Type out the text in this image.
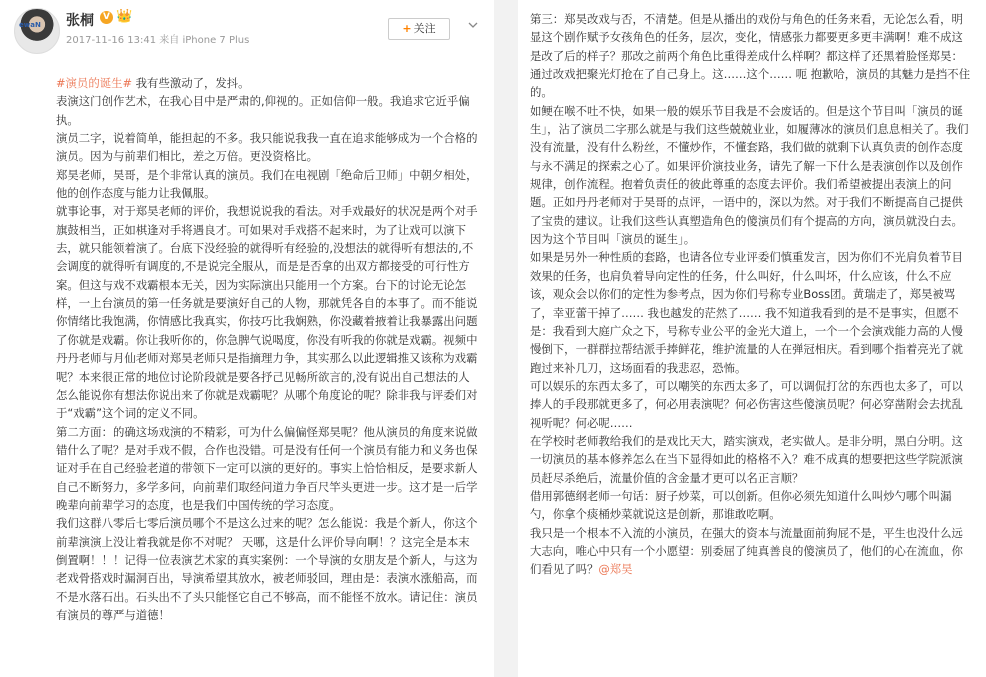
ewaN 张桐	V 👑
2017-11-16 13:41 来自 iPhone 7 Plus
+ 关注
#演员的诞生# 我有些激动了，发抖。

表演这门创作艺术，在我心目中是严肃的,仰视的。正如信仰一般。我追求它近乎偏执。

演员二字，说着简单，能担起的不多。我只能说我我一直在追求能够成为一个合格的演员。因为与前辈们相比，差之万倍。更没资格比。

郑昊老师，昊哥，是个非常认真的演员。我们在电视剧「绝命后卫师」中朝夕相处，他的创作态度与能力让我佩服。

就事论事，对于郑昊老师的评价，我想说说我的看法。对手戏最好的状况是两个对手旗鼓相当，正如棋逢对手将遇良才。可如果对手戏搭不起来时，为了让戏可以演下去，就只能领着演了。台底下没经验的就得听有经验的,没想法的就得听有想法的,不会调度的就得听有调度的,不是说完全服从，而是是否拿的出双方都接受的可行性方案。但这与戏不戏霸根本无关，因为实际演出只能用一个方案。台下的讨论无论怎样，一上台演员的第一任务就是要演好自己的人物，那就凭各自的本事了。而不能说你情绪比我饱满，你情感比我真实，你技巧比我娴熟，你没藏着掖着让我暴露出问题了你就是戏霸。你让我听你的，你急脾气说喝度，你没有听我的你就是戏霸。视频中丹丹老师与月仙老师对郑昊老师只是指摘理力争，其实那么以此逻辑推又该称为戏霸呢？本来很正常的地位讨论阶段就是要各抒己见畅所欲言的,没有说出自己想法的人怎么能说你有想法你说出来了你就是戏霸呢？从哪个角度论的呢？除非我与评委们对于“戏霸”这个词的定义不同。

第二方面：的确这场戏演的不精彩，可为什么偏偏怪郑昊呢？他从演员的角度来说做错什么了呢？是对手戏不假，合作也没错。可是没有任何一个演员有能力和义务也保证对手在自己经验老道的带领下一定可以演的更好的。事实上恰恰相反，是要求新人自己不断努力，多学多问，向前辈们取经问道力争百尺竿头更进一步。这才是一后学晚辈向前辈学习的态度，也是我们中国传统的学习态度。

我们这群八零后七零后演员哪个不是这么过来的呢？怎么能说：我是个新人，你这个前辈演演上没让着我就是你不对呢？ 天哪，这是什么评价导向啊！？这完全是本末倒置啊！！！记得一位表演艺术家的真实案例：一个导演的女朋友是个新人，与这为老戏骨搭戏时漏洞百出，导演希望其放水，被老师驳回，理由是：表演水涨船高，而不是水落石出。石头出不了头只能怪它自己不够高，而不能怪不放水。请记住：演员有演员的尊严与道德！

第三：郑昊改戏与否，不清楚。但是从播出的戏份与角色的任务来看，无论怎么看，明显这个剧作赋予女孩角色的任务，层次，变化，情感张力都要更多更丰满啊！难不成这是改了后的样子？那改之前两个角色比重得差成什么样啊？都这样了还黑着脸怪郑昊：通过改戏把聚光灯抢在了自己身上。这……这个…… 呃 抱歉哈，演员的其魅力是挡不住的。

如鲠在喉不吐不快，如果一般的娱乐节目我是不会废话的。但是这个节目叫「演员的诞生」，沾了演员二字那么就是与我们这些兢兢业业，如履薄冰的演员们息息相关了。我们没有流量，没有什么粉丝，不懂炒作，不懂套路，我们做的就剩下认真负责的创作态度与永不满足的探索之心了。如果评价演技业务，请先了解一下什么是表演创作以及创作规律，创作流程。抱着负责任的彼此尊重的态度去评价。我们希望被提出表演上的问题。正如丹丹老师对于昊哥的点评，一语中的，深以为然。对于我们不断提高自己提供了宝贵的建议。让我们这些认真塑造角色的傻演员们有个提高的方向，演员就没白去。因为这个节目叫「演员的诞生」。

如果是另外一种性质的套路，也请各位专业评委们慎重发言，因为你们不光肩负着节目效果的任务，也肩负着导向定性的任务，什么叫好，什么叫坏，什么应该，什么不应该，观众会以你们的定性为参考点，因为你们号称专业Boss团。黄瑞走了，郑昊被骂了，幸亚蕾干掉了…… 我也越发的茫然了…… 我不知道我看到的是不是事实，但愿不是：我看到大庭广众之下，号称专业公平的金光大道上，一个一个会演戏能力高的人慢慢倒下，一群群拉帮结派手捧鲜花，维护流量的人在弹冠相庆。看到哪个指着亮光了就跑过来补几刀，这场面看的我悲忍，恐怖。

可以娱乐的东西太多了，可以嘲笑的东西太多了，可以调侃打岔的东西也太多了，可以捧人的手段那就更多了，何必用表演呢？何必伤害这些傻演员呢？何必穿凿附会去扰乱视听呢？何必呢……

在学校时老师教给我们的是戏比天大，踏实演戏，老实做人。是非分明，黑白分明。这一切演员的基本修养怎么在当下显得如此的格格不入？难不成真的想要把这些学院派演员赶尽杀绝后，流量价值的含金量才更可以名正言顺？

借用郭德纲老师一句话：厨子炒菜，可以创新。但你必须先知道什么叫炒勺哪个叫漏勺，你拿个痰桶炒菜就说这是创新，那谁敢吃啊。

我只是一个根本不入流的小演员，在强大的资本与流量面前狗屁不是，平生也没什么远大志向，唯心中只有一个小愿望：别委屈了纯真善良的傻演员了，他们的心在流血，你们看见了吗？@郑昊
